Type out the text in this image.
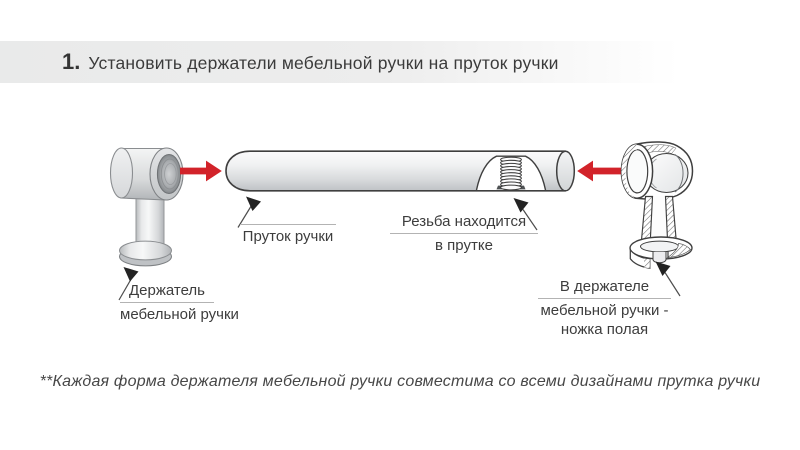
1. Установить держатели мебельной ручки на пруток ручки
Держатель
мебельной ручки
Пруток ручки
Резьба находится
в прутке
В держателе
мебельной ручки -
ножка полая
**Каждая форма держателя мебельной ручки совместима со всеми дизайнами прутка ручки
